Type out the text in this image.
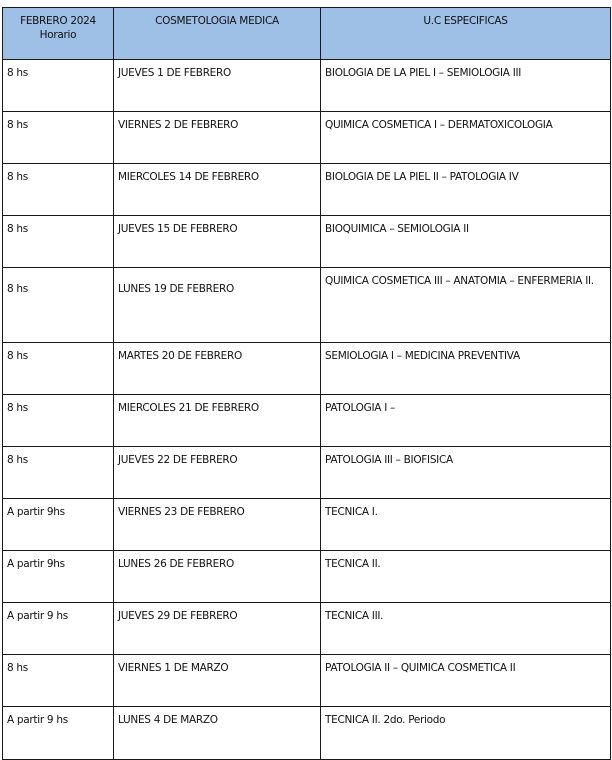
FEBRERO 2024
Horario	COSMETOLOGIA MEDICA	U.C ESPECIFICAS
8 hs	JUEVES 1 DE FEBRERO	BIOLOGIA DE LA PIEL I – SEMIOLOGIA III
8 hs	VIERNES 2 DE FEBRERO	QUIMICA COSMETICA I – DERMATOXICOLOGIA
8 hs	MIERCOLES 14 DE FEBRERO	BIOLOGIA DE LA PIEL II – PATOLOGIA IV
8 hs	JUEVES 15 DE FEBRERO	BIOQUIMICA – SEMIOLOGIA II
8 hs	LUNES 19 DE FEBRERO	QUIMICA COSMETICA III – ANATOMIA – ENFERMERIA II.
8 hs	MARTES 20 DE FEBRERO	SEMIOLOGIA I – MEDICINA PREVENTIVA
8 hs	MIERCOLES 21 DE FEBRERO	PATOLOGIA I –
8 hs	JUEVES 22 DE FEBRERO	PATOLOGIA III – BIOFISICA
A partir 9hs	VIERNES 23 DE FEBRERO	TECNICA I.
A partir 9hs	LUNES 26 DE FEBRERO	TECNICA II.
A partir 9 hs	JUEVES 29 DE FEBRERO	TECNICA III.
8 hs	VIERNES 1 DE MARZO	PATOLOGIA II – QUIMICA COSMETICA II
A partir 9 hs	LUNES 4 DE MARZO	TECNICA II. 2do. Periodo
